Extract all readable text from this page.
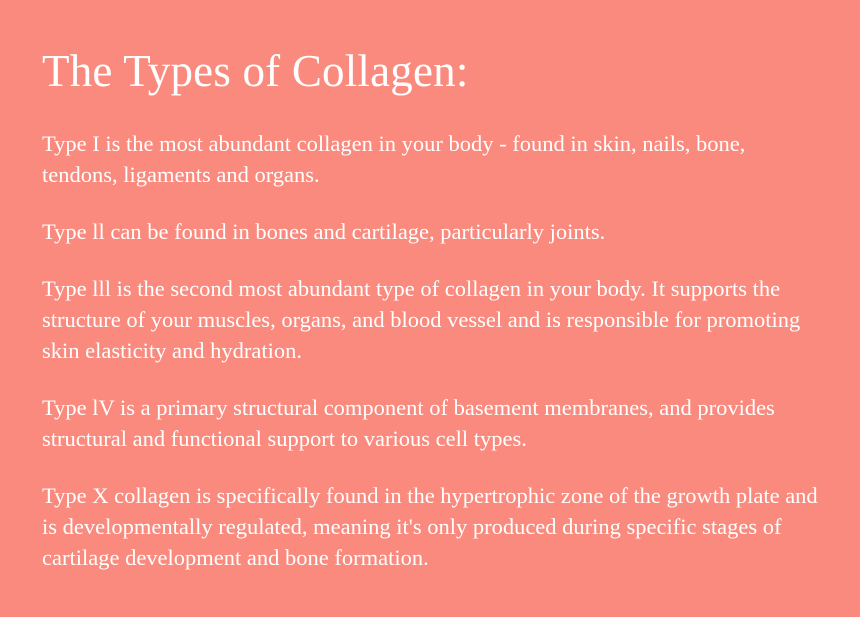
The Types of Collagen:

Type I is the most abundant collagen in your body - found in skin, nails, bone, tendons, ligaments and organs.

Type ll can be found in bones and cartilage, particularly joints.

Type lll is the second most abundant type of collagen in your body. It supports the structure of your muscles, organs, and blood vessel and is responsible for promoting skin elasticity and hydration.

Type lV is a primary structural component of basement membranes, and provides structural and functional support to various cell types.

Type X collagen is specifically found in the hypertrophic zone of the growth plate and is developmentally regulated, meaning it's only produced during specific stages of cartilage development and bone formation.
